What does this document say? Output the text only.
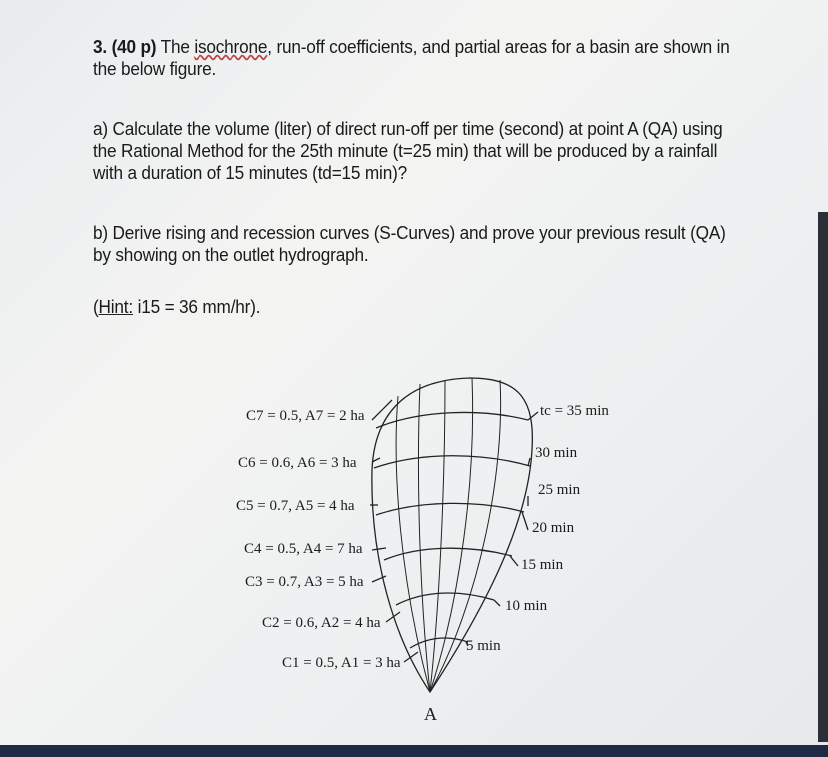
3. (40 p) The isochrone, run-off coefficients, and partial areas for a basin are shown in
the below figure.
a) Calculate the volume (liter) of direct run-off per time (second) at point A (QA) using
the Rational Method for the 25th minute (t=25 min) that will be produced by a rainfall
with a duration of 15 minutes (td=15 min)?
b) Derive rising and recession curves (S-Curves) and prove your previous result (QA)
by showing on the outlet hydrograph.
(Hint: i15 = 36 mm/hr).
C7 = 0.5, A7 = 2 ha
C6 = 0.6, A6 = 3 ha
C5 = 0.7, A5 = 4 ha
C4 = 0.5, A4 = 7 ha
C3 = 0.7, A3 = 5 ha
C2 = 0.6, A2 = 4 ha
C1 = 0.5, A1 = 3 ha
tc = 35 min
30 min
25 min
20 min
15 min
10 min
5 min
A
